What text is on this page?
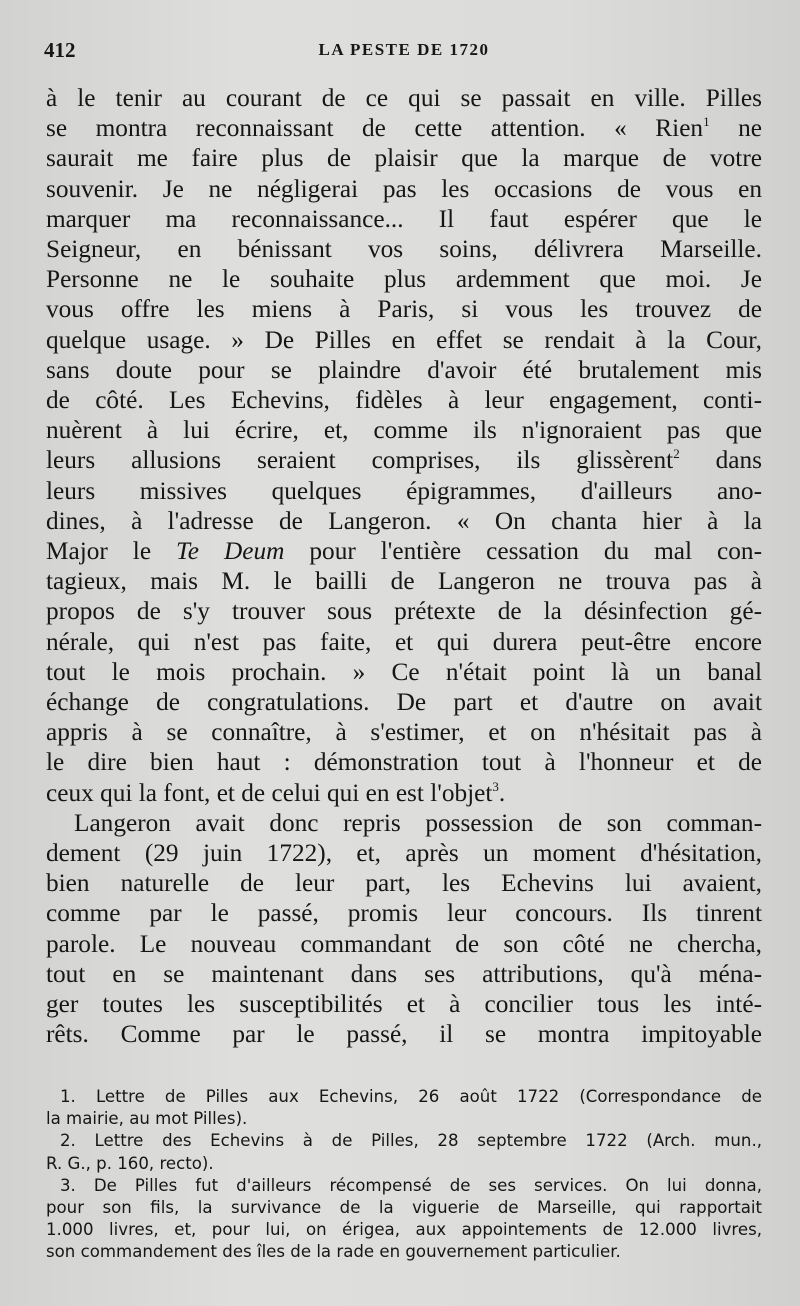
412	LA PESTE DE 1720
à le tenir au courant de ce qui se passait en ville. Pilles
se montra reconnaissant de cette attention. « Rien$^1$ ne
saurait me faire plus de plaisir que la marque de votre
souvenir. Je ne négligerai pas les occasions de vous en
marquer ma reconnaissance... Il faut espérer que le
Seigneur, en bénissant vos soins, délivrera Marseille.
Personne ne le souhaite plus ardemment que moi. Je
vous offre les miens à Paris, si vous les trouvez de
quelque usage. » De Pilles en effet se rendait à la Cour,
sans doute pour se plaindre d'avoir été brutalement mis
de côté. Les Echevins, fidèles à leur engagement, conti-
nuèrent à lui écrire, et, comme ils n'ignoraient pas que
leurs allusions seraient comprises, ils glissèrent$^2$ dans
leurs missives quelques épigrammes, d'ailleurs ano-
dines, à l'adresse de Langeron. « On chanta hier à la
Major le Te Deum pour l'entière cessation du mal con-
tagieux, mais M. le bailli de Langeron ne trouva pas à
propos de s'y trouver sous prétexte de la désinfection gé-
nérale, qui n'est pas faite, et qui durera peut-être encore
tout le mois prochain. » Ce n'était point là un banal
échange de congratulations. De part et d'autre on avait
appris à se connaître, à s'estimer, et on n'hésitait pas à
le dire bien haut : démonstration tout à l'honneur et de
ceux qui la font, et de celui qui en est l'objet$^3$.
Langeron avait donc repris possession de son comman-
dement (29 juin 1722), et, après un moment d'hésitation,
bien naturelle de leur part, les Echevins lui avaient,
comme par le passé, promis leur concours. Ils tinrent
parole. Le nouveau commandant de son côté ne chercha,
tout en se maintenant dans ses attributions, qu'à ména-
ger toutes les susceptibilités et à concilier tous les inté-
rêts. Comme par le passé, il se montra impitoyable
1. Lettre de Pilles aux Echevins, 26 août 1722 (Correspondance de
la mairie, au mot Pilles).
2. Lettre des Echevins à de Pilles, 28 septembre 1722 (Arch. mun.,
R. G., p. 160, recto).
3. De Pilles fut d'ailleurs récompensé de ses services. On lui donna,
pour son fils, la survivance de la viguerie de Marseille, qui rapportait
1.000 livres, et, pour lui, on érigea, aux appointements de 12.000 livres,
son commandement des îles de la rade en gouvernement particulier.
